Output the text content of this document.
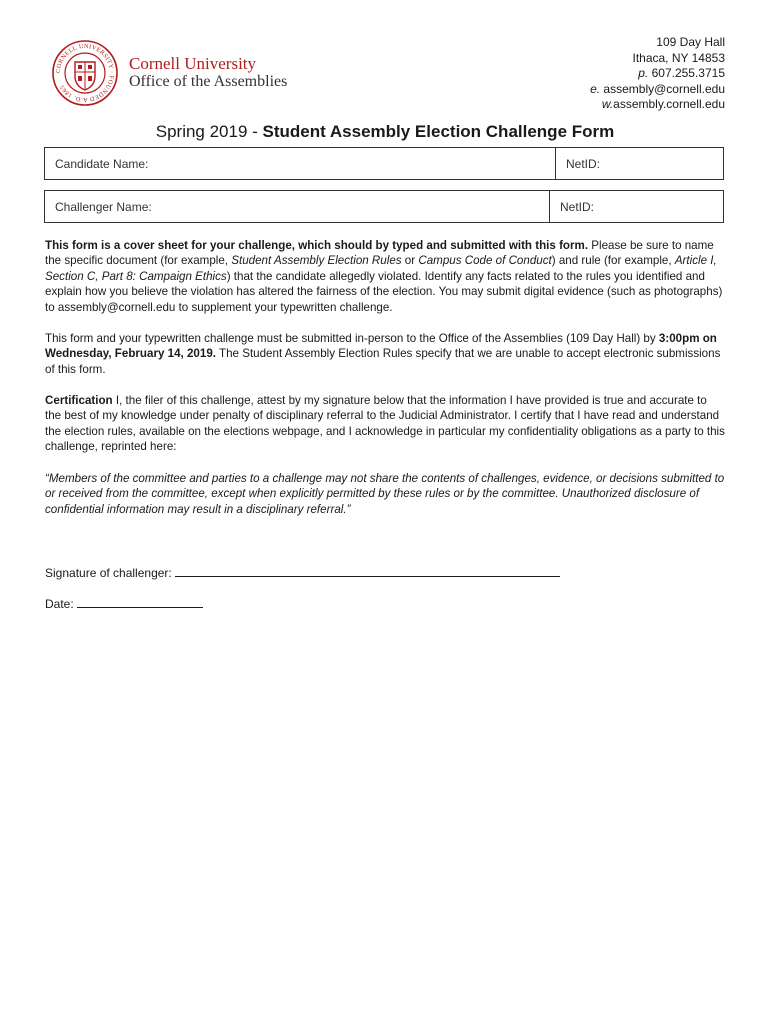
CORNELL UNIVERSITY · FOUNDED A.D. 1865
Cornell University
Office of the Assemblies
109 Day Hall
Ithaca, NY 14853
p. 607.255.3715
e. assembly@cornell.edu
w.assembly.cornell.edu
Spring 2019 - Student Assembly Election Challenge Form
Candidate Name:	NetID:
Challenger Name:	NetID:
This form is a cover sheet for your challenge, which should by typed and submitted with this form. Please be sure to name the specific document (for example, Student Assembly Election Rules or Campus Code of Conduct) and rule (for example, Article I, Section C, Part 8: Campaign Ethics) that the candidate allegedly violated. Identify any facts related to the rules you identified and explain how you believe the violation has altered the fairness of the election. You may submit digital evidence (such as photographs) to assembly@cornell.edu to supplement your typewritten challenge.
This form and your typewritten challenge must be submitted in-person to the Office of the Assemblies (109 Day Hall) by 3:00pm on Wednesday, February 14, 2019. The Student Assembly Election Rules specify that we are unable to accept electronic submissions of this form.
Certification I, the filer of this challenge, attest by my signature below that the information I have provided is true and accurate to the best of my knowledge under penalty of disciplinary referral to the Judicial Administrator. I certify that I have read and understand the election rules, available on the elections webpage, and I acknowledge in particular my confidentiality obligations as a party to this challenge, reprinted here:
“Members of the committee and parties to a challenge may not share the contents of challenges, evidence, or decisions submitted to or received from the committee, except when explicitly permitted by these rules or by the committee. Unauthorized disclosure of confidential information may result in a disciplinary referral.”
Signature of challenger:
Date:
